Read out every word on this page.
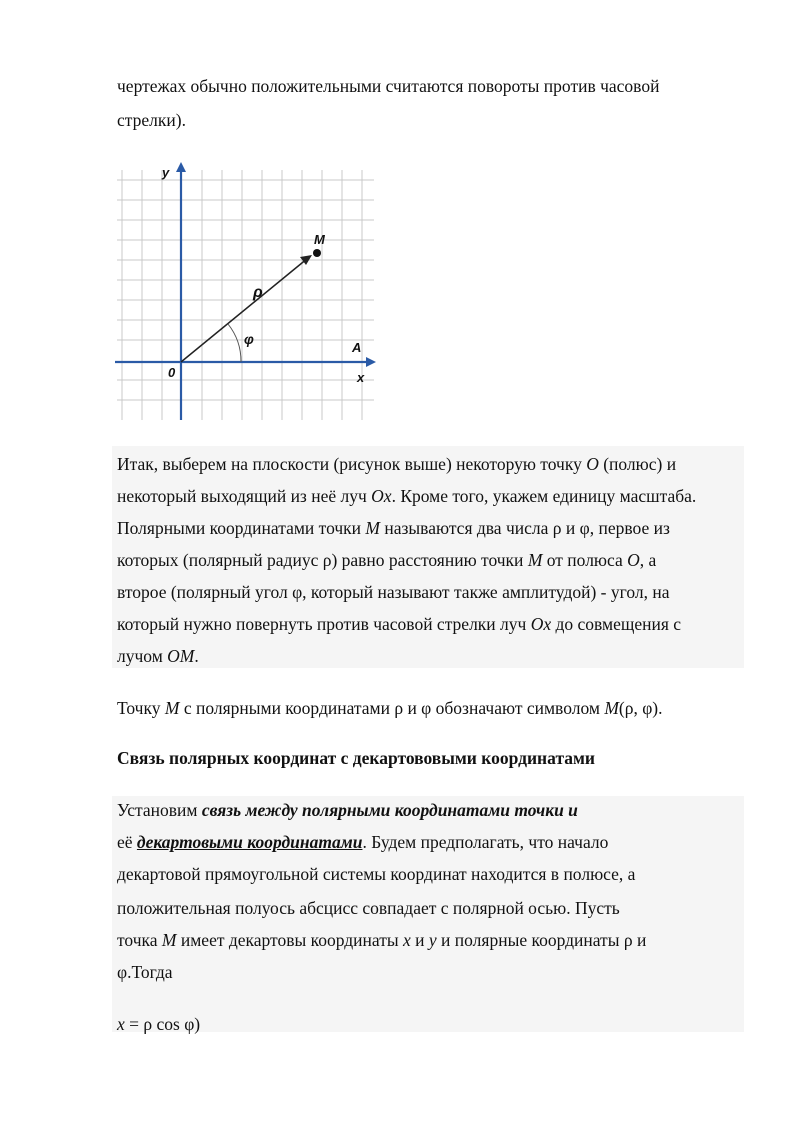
чертежах обычно положительными считаются повороты против часовой
стрелки).
y
x
0
A
M
ρ
φ
Итак, выберем на плоскости (рисунок выше) некоторую точку O (полюс) и
некоторый выходящий из неё луч Ox. Кроме того, укажем единицу масштаба.
Полярными координатами точки M называются два числа ρ и φ, первое из
которых (полярный радиус ρ) равно расстоянию точки M от полюса O, а
второе (полярный угол φ, который называют также амплитудой) - угол, на
который нужно повернуть против часовой стрелки луч Ox до совмещения с
лучом OM.
Точку M с полярными координатами ρ и φ обозначают символом M(ρ, φ).
Связь полярных координат с декартововыми координатами
Установим связь между полярными координатами точки и
её декартовыми координатами. Будем предполагать, что начало
декартовой прямоугольной системы координат находится в полюсе, а
положительная полуось абсцисс совпадает с полярной осью. Пусть
точка M имеет декартовы координаты x и y и полярные координаты ρ и
φ.Тогда
x = ρ cos φ)
